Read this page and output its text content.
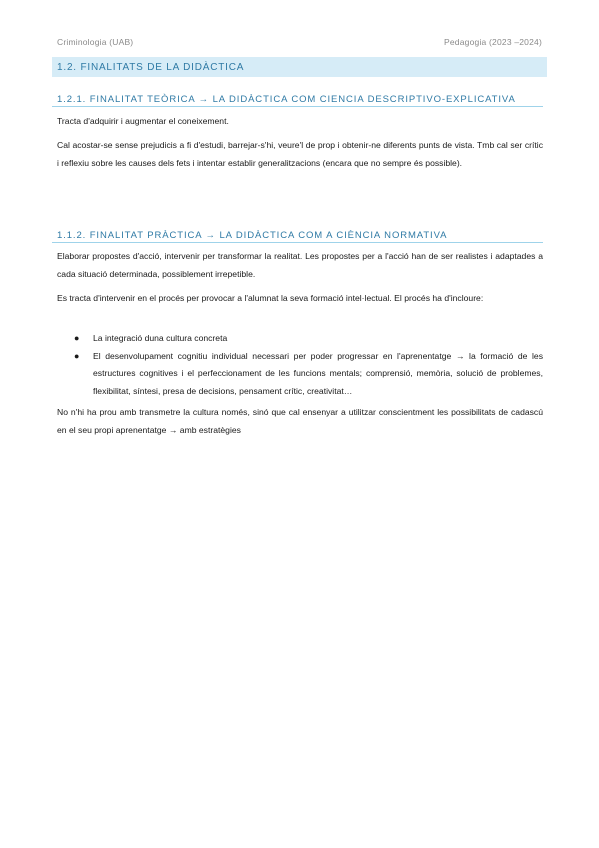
Criminologia (UAB)	Pedagogia (2023 –2024)
1.2. FINALITATS DE LA DIDÀCTICA
1.2.1. FINALITAT TEÒRICA → LA DIDÀCTICA COM CIENCIA DESCRIPTIVO-EXPLICATIVA

Tracta d'adquirir i augmentar el coneixement.

Cal acostar-se sense prejudicis a fi d'estudi, barrejar-s'hi, veure'l de prop i obtenir-ne diferents punts de vista. Tmb cal ser crític i reflexiu sobre les causes dels fets i intentar establir generalitzacions (encara que no sempre és possible).

1.1.2. FINALITAT PRÀCTICA → LA DIDÀCTICA COM A CIÈNCIA NORMATIVA

Elaborar propostes d'acció, intervenir per transformar la realitat. Les propostes per a l'acció han de ser realistes i adaptades a cada situació determinada, possiblement irrepetible.

Es tracta d'intervenir en el procés per provocar a l'alumnat la seva formació intel·lectual. El procés ha d'incloure:

● La integració duna cultura concreta
● El desenvolupament cognitiu individual necessari per poder progressar en l'aprenentatge → la formació de les estructures cognitives i el perfeccionament de les funcions mentals; comprensió, memòria, solució de problemes, flexibilitat, síntesi, presa de decisions, pensament crític, creativitat…

No n'hi ha prou amb transmetre la cultura només, sinó que cal ensenyar a utilitzar conscientment les possibilitats de cadascú en el seu propi aprenentatge → amb estratègies
